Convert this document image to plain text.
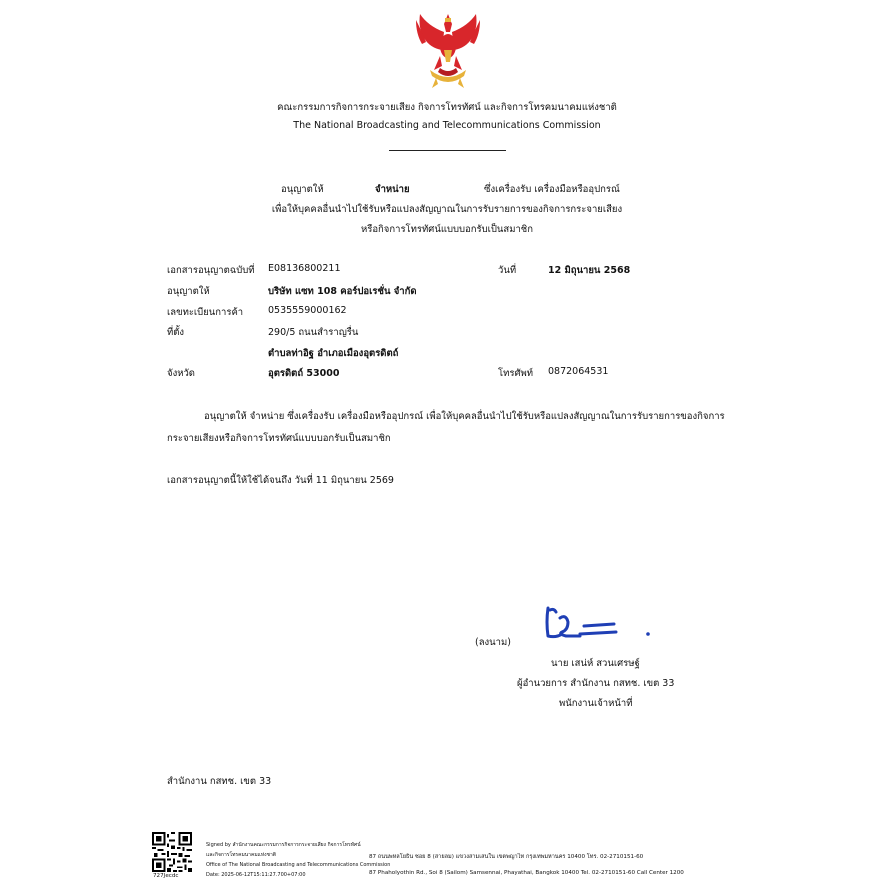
คณะกรรมการกิจการกระจายเสียง กิจการโทรทัศน์ และกิจการโทรคมนาคมแห่งชาติ
The National Broadcasting and Telecommunications Commission
อนุญาตให้	จำหน่าย	ซึ่งเครื่องรับ เครื่องมือหรืออุปกรณ์
เพื่อให้บุคคลอื่นนำไปใช้รับหรือแปลงสัญญาณในการรับรายการของกิจการกระจายเสียง
หรือกิจการโทรทัศน์แบบบอกรับเป็นสมาชิก
เอกสารอนุญาตฉบับที่ E08136800211	วันที่	12 มิถุนายน 2568
อนุญาตให้	บริษัท แซท 108 คอร์ปอเรชั่น จำกัด
เลขทะเบียนการค้า	0535559000162
ที่ตั้ง	290/5 ถนนสำราญรื่น
ตำบลท่าอิฐ อำเภอเมืองอุตรดิตถ์
จังหวัด	อุตรดิตถ์ 53000	โทรศัพท์ 0872064531
อนุญาตให้ จำหน่าย ซึ่งเครื่องรับ เครื่องมือหรืออุปกรณ์ เพื่อให้บุคคลอื่นนำไปใช้รับหรือแปลงสัญญาณในการรับรายการของกิจการ
กระจายเสียงหรือกิจการโทรทัศน์แบบบอกรับเป็นสมาชิก
เอกสารอนุญาตนี้ให้ใช้ได้จนถึง วันที่ 11 มิถุนายน 2569
(ลงนาม)
นาย เสน่ห์ สวนเศรษฐ์
ผู้อำนวยการ สำนักงาน กสทช. เขต 33
พนักงานเจ้าหน้าที่
สำนักงาน กสทช. เขต 33
727Jecdc
Signed by สำนักงานคณะกรรมการกิจการกระจายเสียง กิจการโทรทัศน์
และกิจการโทรคมนาคมแห่งชาติ
Office of The National Broadcasting and Telecommunications Commission
Date: 2025-06-12T15:11:27.700+07:00
87 ถนนพหลโยธิน ซอย 8 (สายลม) แขวงสามเสนใน เขตพญาไท กรุงเทพมหานคร 10400 โทร. 02-2710151-60
87 Phaholyothin Rd., Soi 8 (Sailom) Samsennai, Phayathai, Bangkok 10400 Tel. 02-2710151-60 Call Center 1200
